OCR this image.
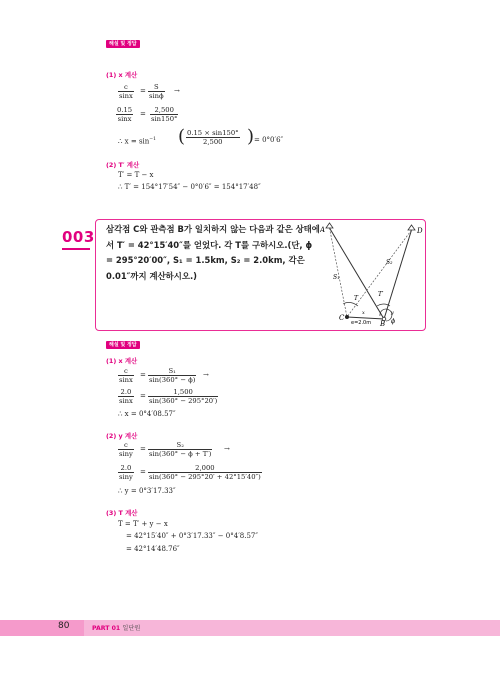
해설 및 정답
(1) x 계산
$\frac{c}{\sin x} = \frac{S}{\sin\phi}$ →
$\frac{0.15}{\sin x} = \frac{2,500}{\sin 150^\circ}$
∴ $x = \sin^{-1}$ ( $\frac{0.15 \times \sin 150^\circ}{2,500}$ ) = 0°0′6″
(2) T′ 계산
T′ = T − x
∴ T′ = 154°17′54″ − 0°0′6″ = 154°17′48″
003 삼각점 C와 관측점 B가 일치하지 않는 다음과 같은 상태에서 T′ = 42°15′40″를 얻었다. 각 T를 구하시오.(단, ϕ = 295°20′00″, S₁ = 1.5km, S₂ = 2.0km, 각은 0.01″까지 계산하시오.)
A	D
C
B
S₁
S₂
T
T′
x	y
ϕ
e=2.0m
해설 및 정답
(1) x 계산
$\frac{c}{\sin x} = \frac{\text{S₁}}{\sin(360^\circ - \phi)}$ →
$\frac{2.0}{\sin x} = \frac{1,500}{\sin(360^\circ - 295^\circ 20')}$
∴ x = 0°4′08.57″
(2) y 계산
$\frac{c}{\sin y} = \frac{\text{S₂}}{\sin(360^\circ - \phi + T')}$ →
$\frac{2.0}{\sin y} = \frac{2,000}{\sin(360^\circ - 295^\circ 20' + 42^\circ 15'40'')}$
∴ y = 0°3′17.33″
(3) T 계산
T = T′ + y − x
= 42°15′40″ + 0°3′17.33″ − 0°4′8.57″
= 42°14′48.76″
80	PART 01 일단원
